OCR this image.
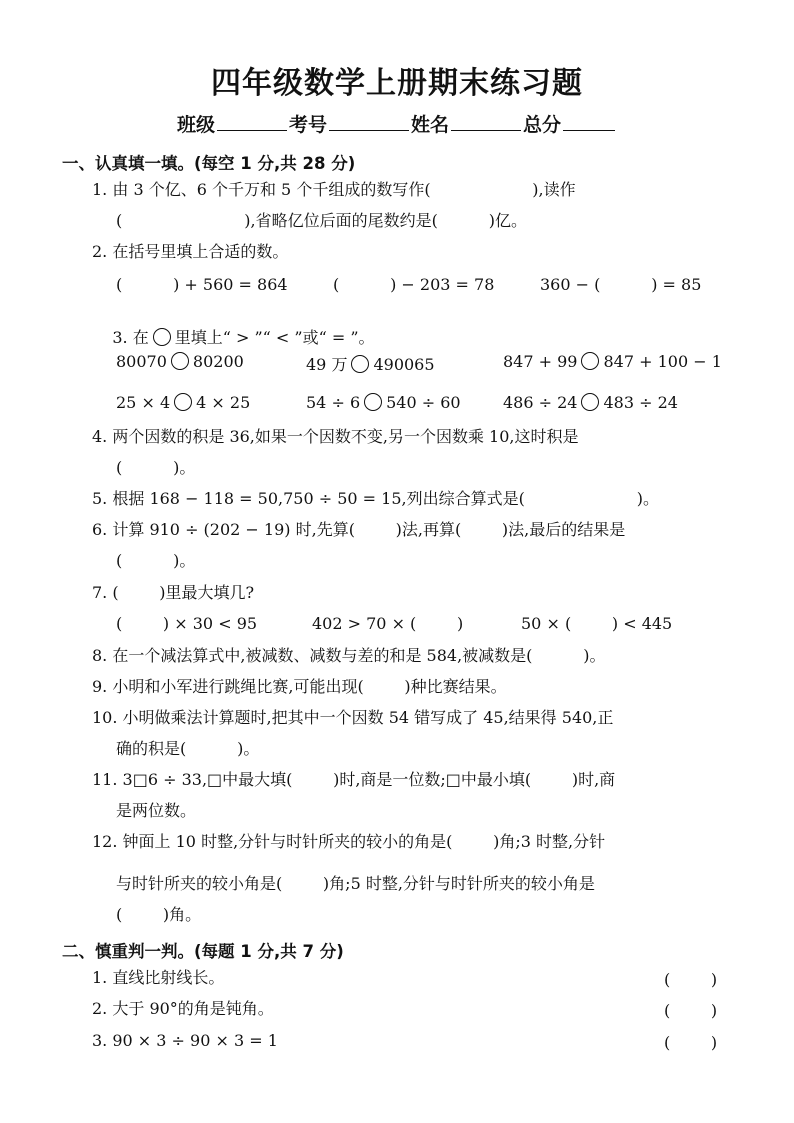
四年级数学上册期末练习题
班级	考号	姓名	总分
一、认真填一填。(每空 1 分,共 28 分)
1. 由 3 个亿、6 个千万和 5 个千组成的数写作(                    ),读作
(                        ),省略亿位后面的尾数约是(          )亿。
2. 在括号里填上合适的数。
(          ) + 560 = 864	(          ) − 203 = 78	360 − (          ) = 85

3. 在 里填上“ > ”“ < ”或“ = ”。

80070 80200	49 万 490065	847 + 99 847 + 100 − 1
25 × 4 4 × 25	54 ÷ 6 540 ÷ 60	486 ÷ 24 483 ÷ 24
4. 两个因数的积是 36,如果一个因数不变,另一个因数乘 10,这时积是
(          )。
5. 根据 168 − 118 = 50,750 ÷ 50 = 15,列出综合算式是(                      )。
6. 计算 910 ÷ (202 − 19) 时,先算(        )法,再算(        )法,最后的结果是
(          )。
7. (        )里最大填几?
(        ) × 30 < 95	402 > 70 × (        )	50 × (        ) < 445
8. 在一个减法算式中,被减数、减数与差的和是 584,被减数是(          )。
9. 小明和小军进行跳绳比赛,可能出现(        )种比赛结果。
10. 小明做乘法计算题时,把其中一个因数 54 错写成了 45,结果得 540,正
确的积是(          )。
11. 3□6 ÷ 33,□中最大填(        )时,商是一位数;□中最小填(        )时,商
是两位数。
12. 钟面上 10 时整,分针与时针所夹的较小的角是(        )角;3 时整,分针
与时针所夹的较小角是(        )角;5 时整,分针与时针所夹的较小角是
(        )角。
二、慎重判一判。(每题 1 分,共 7 分)
1. 直线比射线长。	(        )
2. 大于 90°的角是钝角。	(        )
3. 90 × 3 ÷ 90 × 3 = 1	(        )
